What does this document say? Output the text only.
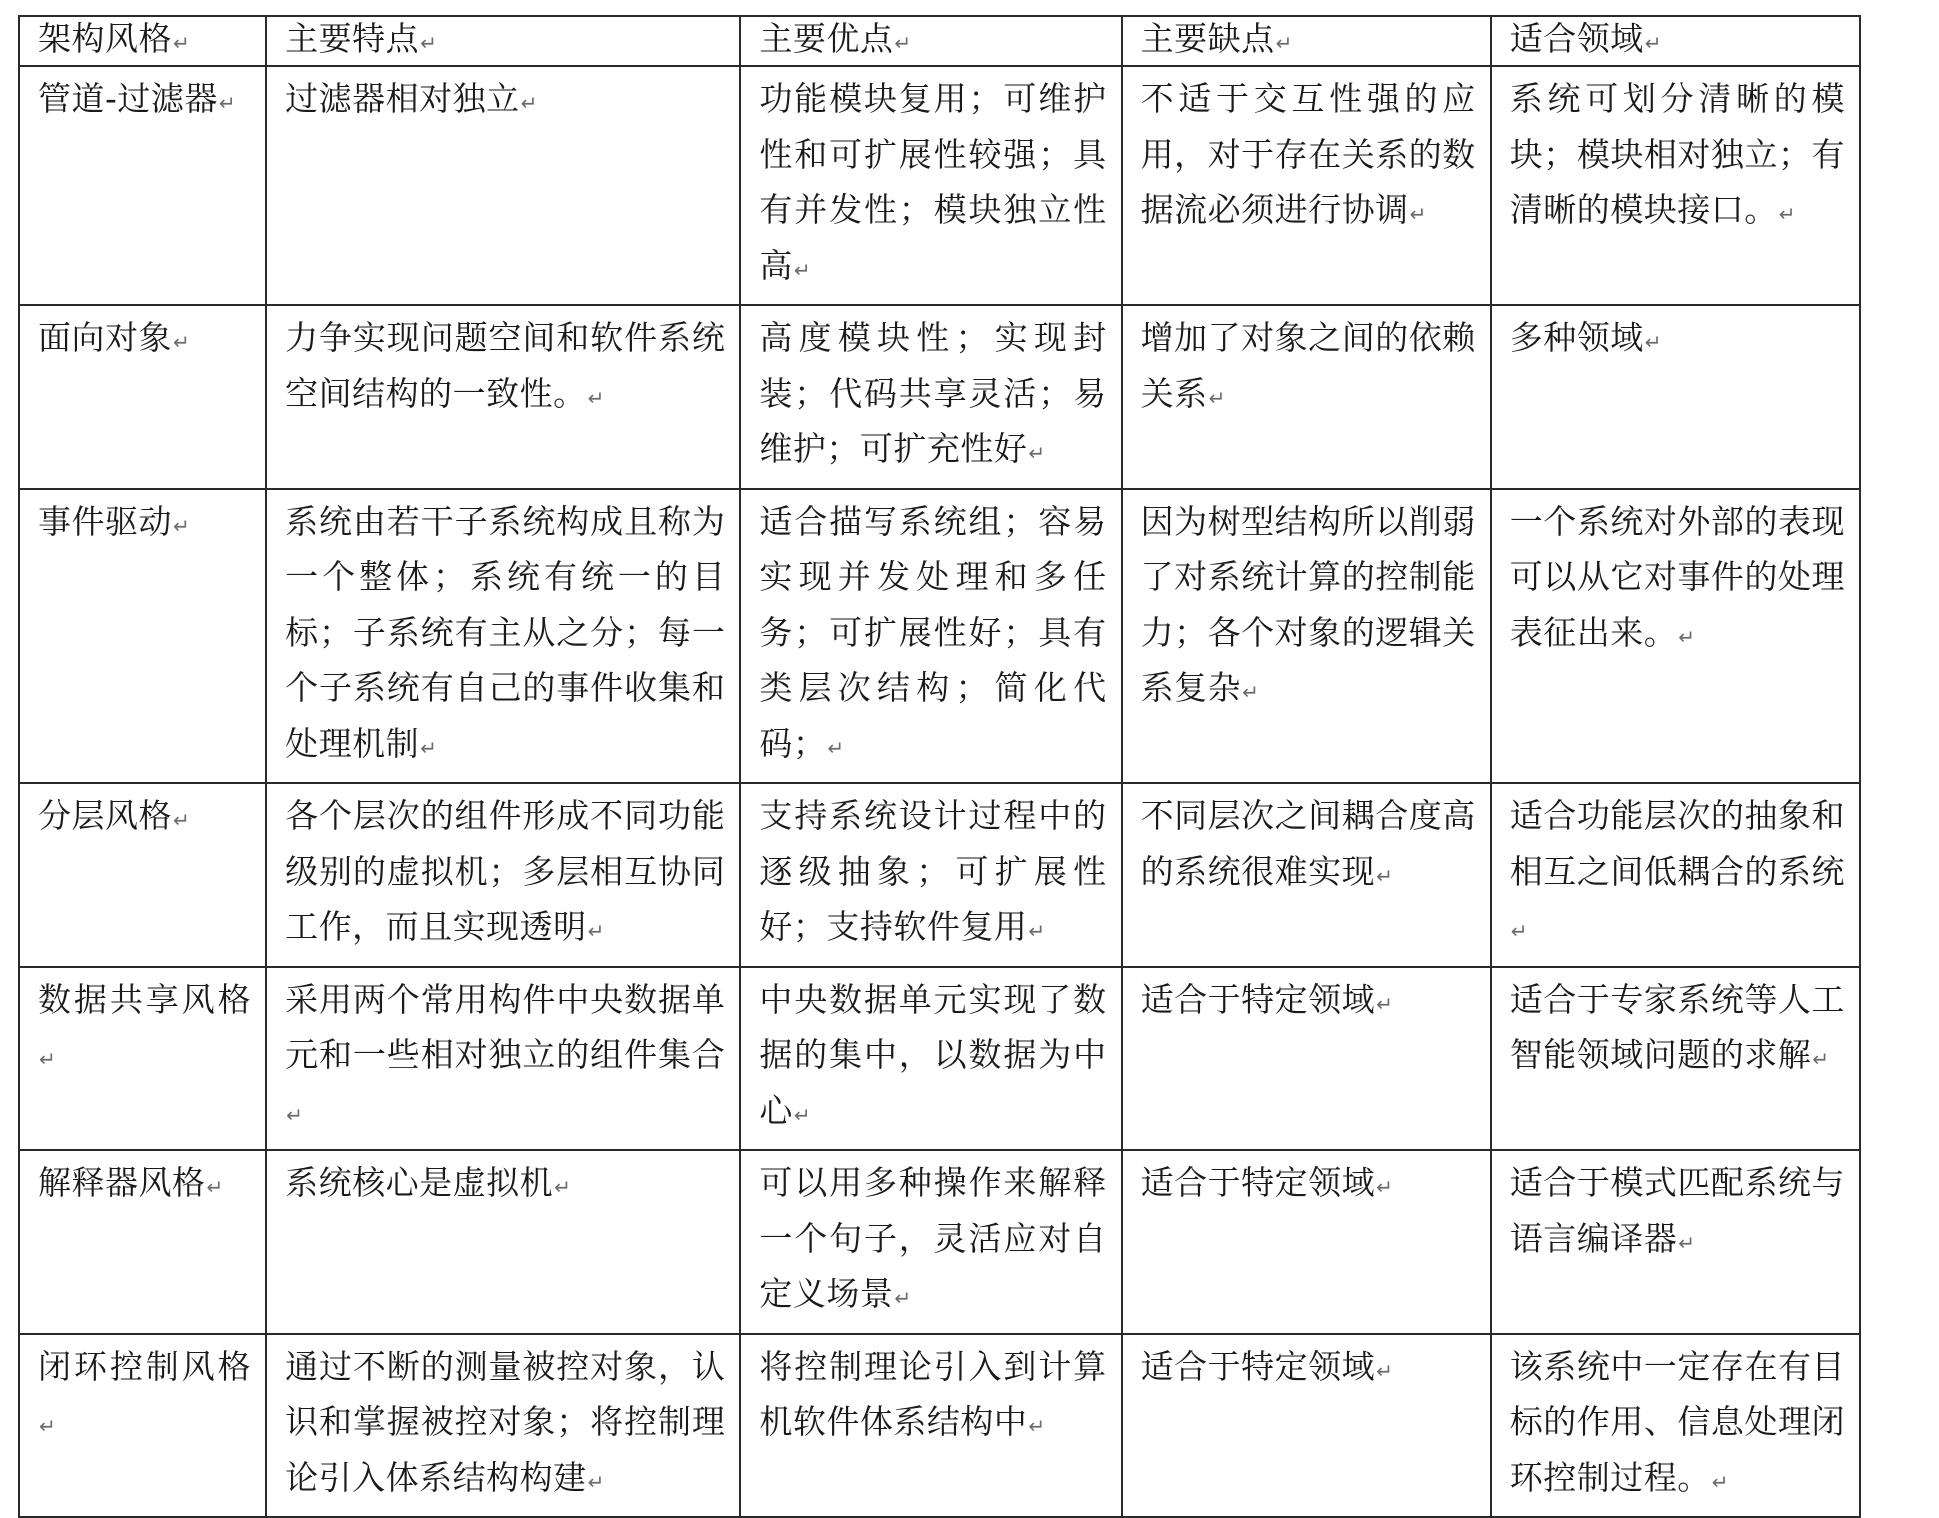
架构风格↵	主要特点↵	主要优点↵	主要缺点↵	适合领域↵
管道-过滤器↵	过滤器相对独立↵	功能模块复用；可维护性和可扩展性较强；具有并发性；模块独立性高↵	不适于交互性强的应用，对于存在关系的数据流必须进行协调↵	系统可划分清晰的模块；模块相对独立；有清晰的模块接口。↵
面向对象↵	力争实现问题空间和软件系统空间结构的一致性。↵	高度模块性；实现封装；代码共享灵活；易维护；可扩充性好↵	增加了对象之间的依赖关系↵	多种领域↵
事件驱动↵	系统由若干子系统构成且称为一个整体；系统有统一的目标；子系统有主从之分；每一个子系统有自己的事件收集和处理机制↵	适合描写系统组；容易实现并发处理和多任务；可扩展性好；具有类层次结构；简化代码；↵	因为树型结构所以削弱了对系统计算的控制能力；各个对象的逻辑关系复杂↵	一个系统对外部的表现可以从它对事件的处理表征出来。↵
分层风格↵	各个层次的组件形成不同功能级别的虚拟机；多层相互协同工作，而且实现透明↵	支持系统设计过程中的逐级抽象；可扩展性好；支持软件复用↵	不同层次之间耦合度高的系统很难实现↵	适合功能层次的抽象和相互之间低耦合的系统↵
数据共享风格↵	采用两个常用构件中央数据单元和一些相对独立的组件集合↵	中央数据单元实现了数据的集中，以数据为中心↵	适合于特定领域↵	适合于专家系统等人工智能领域问题的求解↵
解释器风格↵	系统核心是虚拟机↵	可以用多种操作来解释一个句子，灵活应对自定义场景↵	适合于特定领域↵	适合于模式匹配系统与语言编译器↵
闭环控制风格↵	通过不断的测量被控对象，认识和掌握被控对象；将控制理论引入体系结构构建↵	将控制理论引入到计算机软件体系结构中↵	适合于特定领域↵	该系统中一定存在有目标的作用、信息处理闭环控制过程。↵
